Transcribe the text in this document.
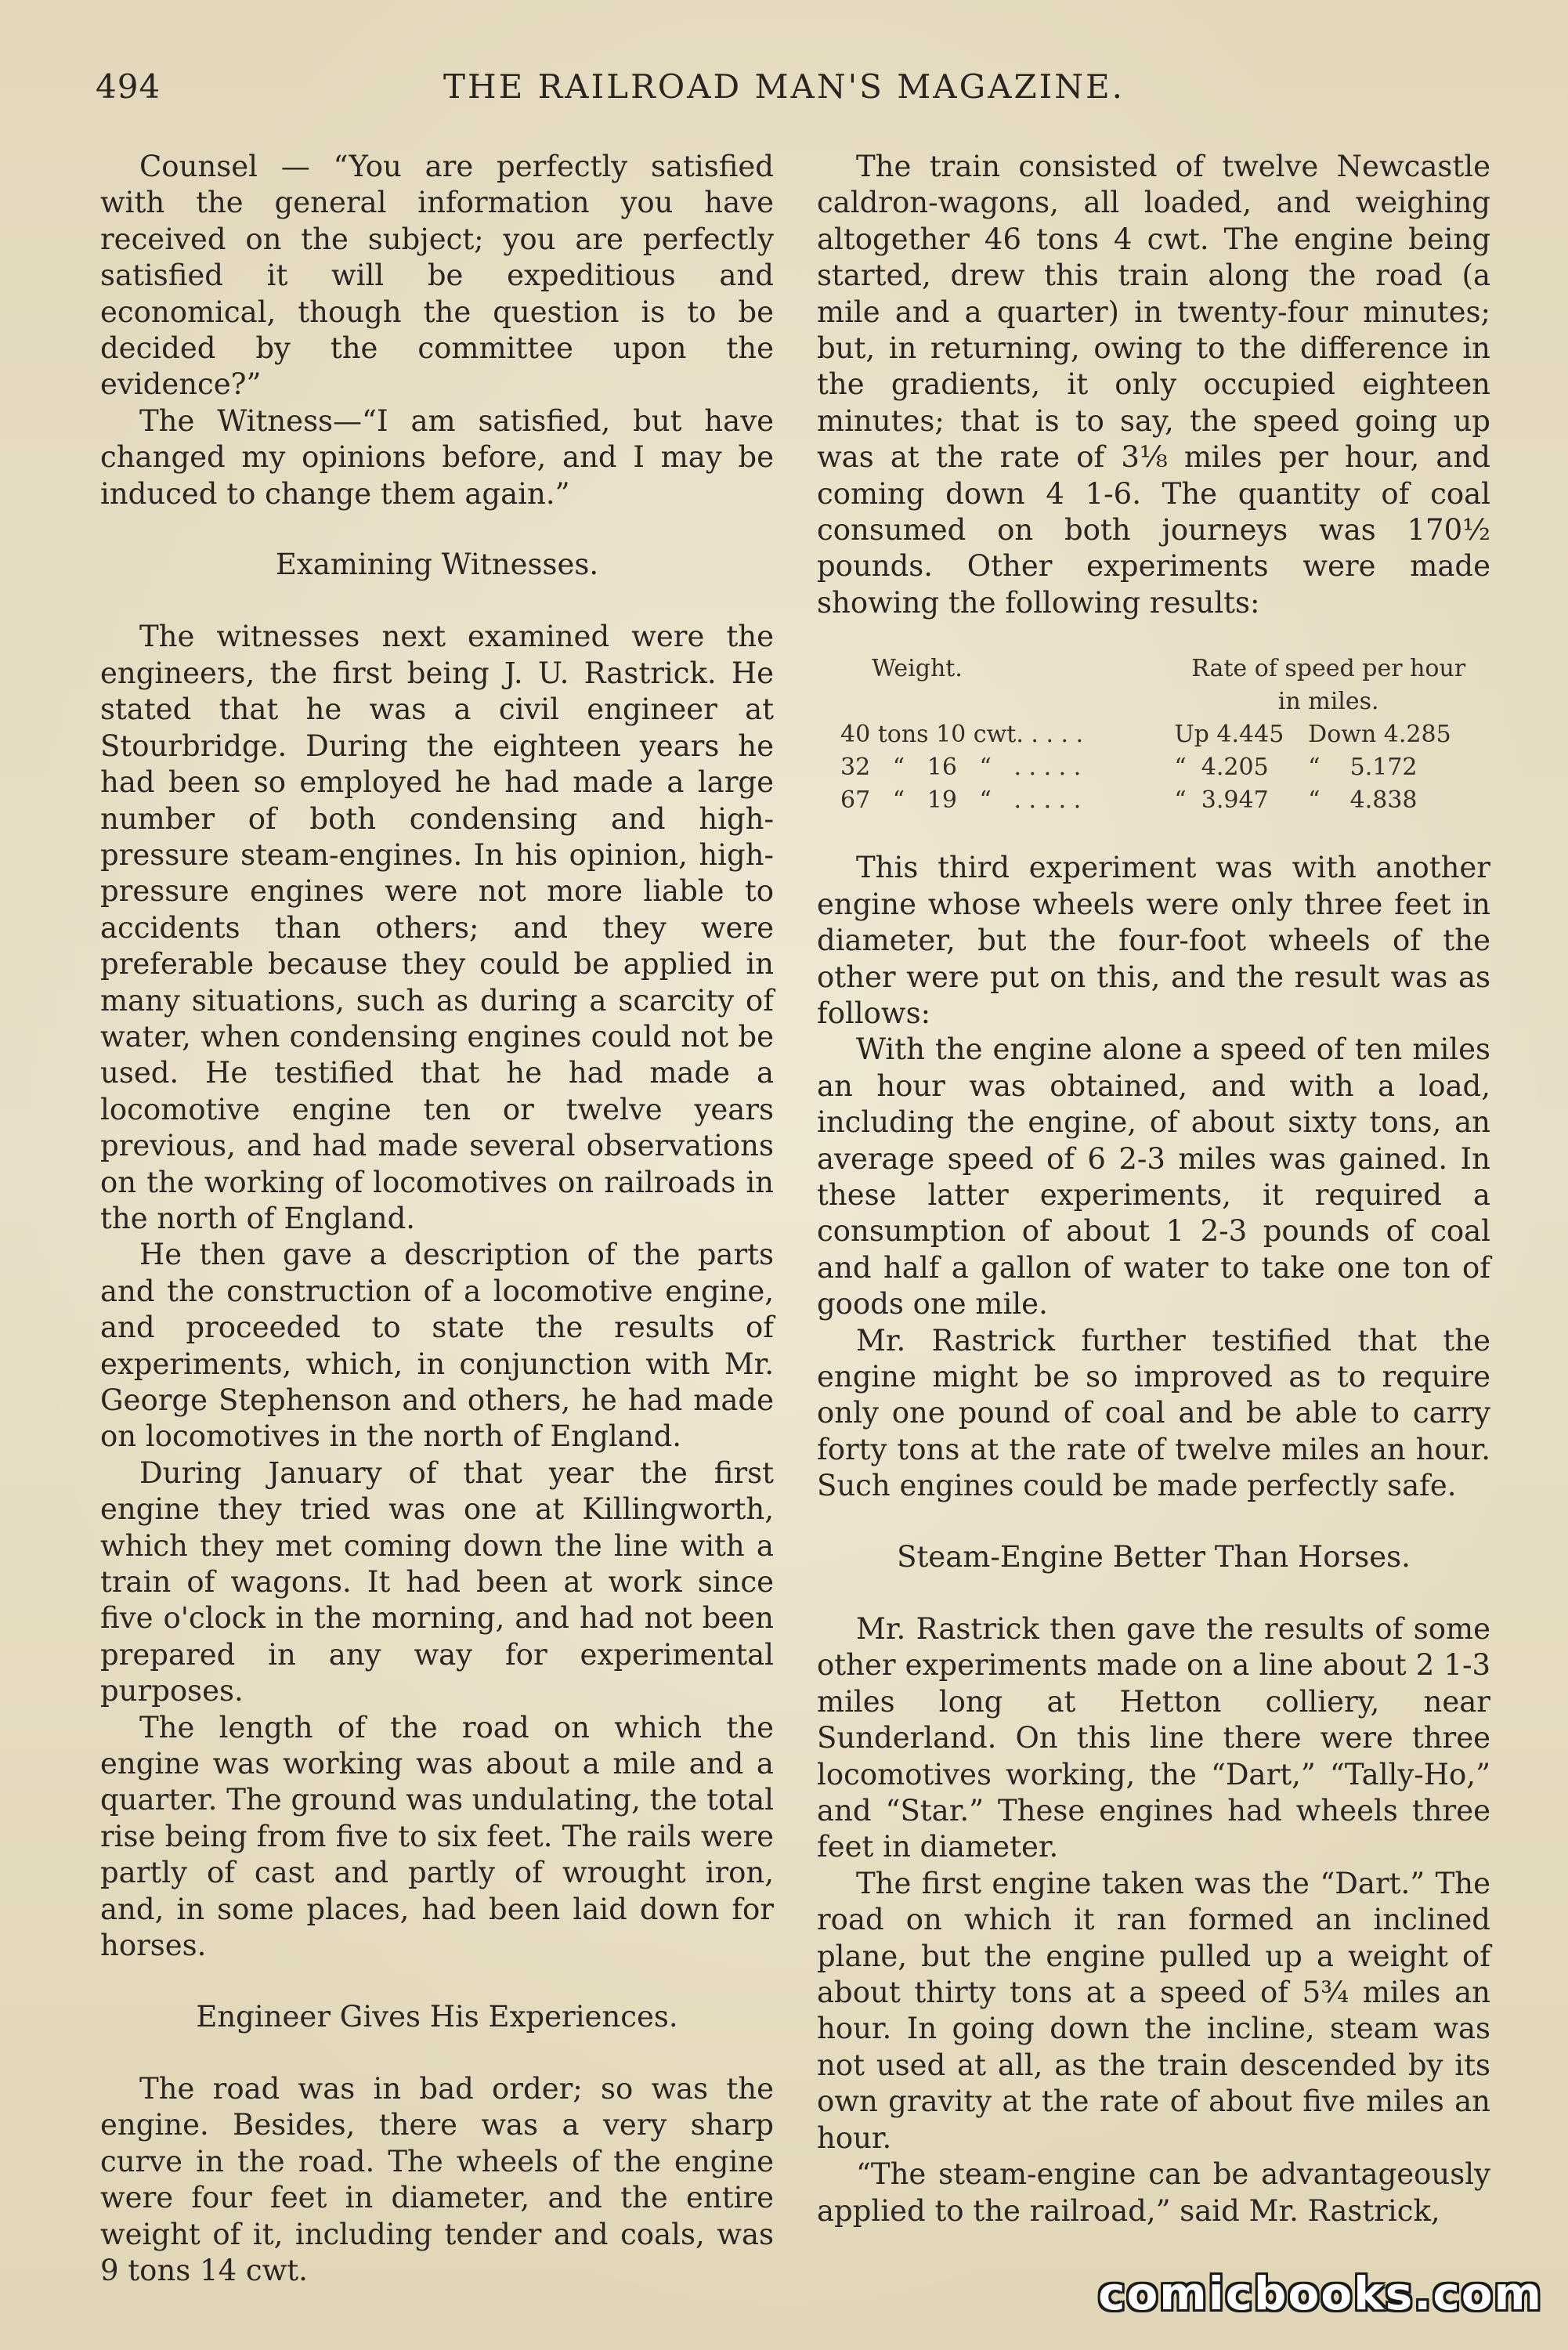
494	THE RAILROAD MAN'S MAGAZINE.

Counsel — “You are perfectly satisfied with the general information you have received on the subject; you are perfectly satisfied it will be expeditious and economical, though the question is to be decided by the committee upon the evidence?”

The Witness—“I am satisfied, but have changed my opinions before, and I may be induced to change them again.”

Examining Witnesses.

The witnesses next examined were the engineers, the first being J. U. Rastrick. He stated that he was a civil engineer at Stourbridge. During the eighteen years he had been so employed he had made a large number of both condensing and high-pressure steam-engines. In his opinion, high-pressure engines were not more liable to accidents than others; and they were preferable because they could be applied in many situations, such as during a scarcity of water, when condensing engines could not be used. He testified that he had made a locomotive engine ten or twelve years previous, and had made several observations on the working of locomotives on railroads in the north of England.

He then gave a description of the parts and the construction of a locomotive engine, and proceeded to state the results of experiments, which, in conjunction with Mr. George Stephenson and others, he had made on locomotives in the north of England.

During January of that year the first engine they tried was one at Killingworth, which they met coming down the line with a train of wagons. It had been at work since five o'clock in the morning, and had not been prepared in any way for experimental purposes.

The length of the road on which the engine was working was about a mile and a quarter. The ground was undulating, the total rise being from five to six feet. The rails were partly of cast and partly of wrought iron, and, in some places, had been laid down for horses.

Engineer Gives His Experiences.

The road was in bad order; so was the engine. Besides, there was a very sharp curve in the road. The wheels of the engine were four feet in diameter, and the entire weight of it, including tender and coals, was 9 tons 14 cwt.

The train consisted of twelve Newcastle caldron-wagons, all loaded, and weighing altogether 46 tons 4 cwt. The engine being started, drew this train along the road (a mile and a quarter) in twenty-four minutes; but, in returning, owing to the difference in the gradients, it only occupied eighteen minutes; that is to say, the speed going up was at the rate of 3⅛ miles per hour, and coming down 4 1-6. The quantity of coal consumed on both journeys was 170½ pounds. Other experiments were made showing the following results:

Weight.	Rate of speed per hour
in miles.	
40 tons 10 cwt. . . . .	Up 4.445	Down 4.285
32   “   16   “   . . . . .	“  4.205	“    5.172
67   “   19   “   . . . . .	“  3.947	“    4.838

This third experiment was with another engine whose wheels were only three feet in diameter, but the four-foot wheels of the other were put on this, and the result was as follows:

With the engine alone a speed of ten miles an hour was obtained, and with a load, including the engine, of about sixty tons, an average speed of 6 2-3 miles was gained. In these latter experiments, it required a consumption of about 1 2-3 pounds of coal and half a gallon of water to take one ton of goods one mile.

Mr. Rastrick further testified that the engine might be so improved as to require only one pound of coal and be able to carry forty tons at the rate of twelve miles an hour. Such engines could be made perfectly safe.

Steam-Engine Better Than Horses.

Mr. Rastrick then gave the results of some other experiments made on a line about 2 1-3 miles long at Hetton colliery, near Sunderland. On this line there were three locomotives working, the “Dart,” “Tally-Ho,” and “Star.” These engines had wheels three feet in diameter.

The first engine taken was the “Dart.” The road on which it ran formed an inclined plane, but the engine pulled up a weight of about thirty tons at a speed of 5¾ miles an hour. In going down the incline, steam was not used at all, as the train descended by its own gravity at the rate of about five miles an hour.

“The steam-engine can be advantageously applied to the railroad,” said Mr. Rastrick,

comicbooks.com
